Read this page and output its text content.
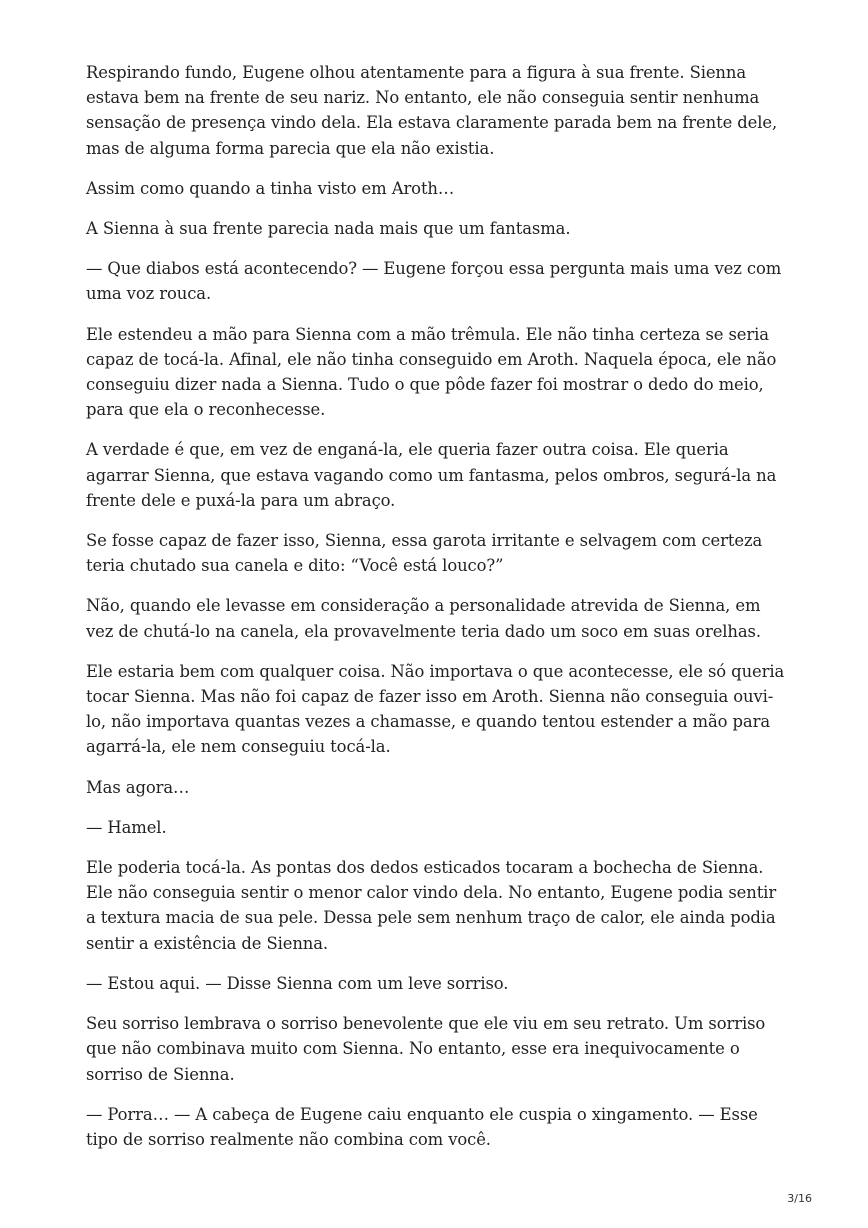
Respirando fundo, Eugene olhou atentamente para a figura à sua frente. Sienna estava bem na frente de seu nariz. No entanto, ele não conseguia sentir nenhuma sensação de presença vindo dela. Ela estava claramente parada bem na frente dele, mas de alguma forma parecia que ela não existia.

Assim como quando a tinha visto em Aroth…

A Sienna à sua frente parecia nada mais que um fantasma.

— Que diabos está acontecendo? — Eugene forçou essa pergunta mais uma vez com uma voz rouca.

Ele estendeu a mão para Sienna com a mão trêmula. Ele não tinha certeza se seria capaz de tocá-la. Afinal, ele não tinha conseguido em Aroth. Naquela época, ele não conseguiu dizer nada a Sienna. Tudo o que pôde fazer foi mostrar o dedo do meio, para que ela o reconhecesse.

A verdade é que, em vez de enganá-la, ele queria fazer outra coisa. Ele queria agarrar Sienna, que estava vagando como um fantasma, pelos ombros, segurá-la na frente dele e puxá-la para um abraço.

Se fosse capaz de fazer isso, Sienna, essa garota irritante e selvagem com certeza teria chutado sua canela e dito: “Você está louco?”

Não, quando ele levasse em consideração a personalidade atrevida de Sienna, em vez de chutá-lo na canela, ela provavelmente teria dado um soco em suas orelhas.

Ele estaria bem com qualquer coisa. Não importava o que acontecesse, ele só queria tocar Sienna. Mas não foi capaz de fazer isso em Aroth. Sienna não conseguia ouvi-lo, não importava quantas vezes a chamasse, e quando tentou estender a mão para agarrá-la, ele nem conseguiu tocá-la.

Mas agora…

— Hamel.

Ele poderia tocá-la. As pontas dos dedos esticados tocaram a bochecha de Sienna. Ele não conseguia sentir o menor calor vindo dela. No entanto, Eugene podia sentir a textura macia de sua pele. Dessa pele sem nenhum traço de calor, ele ainda podia sentir a existência de Sienna.

— Estou aqui. — Disse Sienna com um leve sorriso.

Seu sorriso lembrava o sorriso benevolente que ele viu em seu retrato. Um sorriso que não combinava muito com Sienna. No entanto, esse era inequivocamente o sorriso de Sienna.

— Porra… — A cabeça de Eugene caiu enquanto ele cuspia o xingamento. — Esse tipo de sorriso realmente não combina com você.

3/16
